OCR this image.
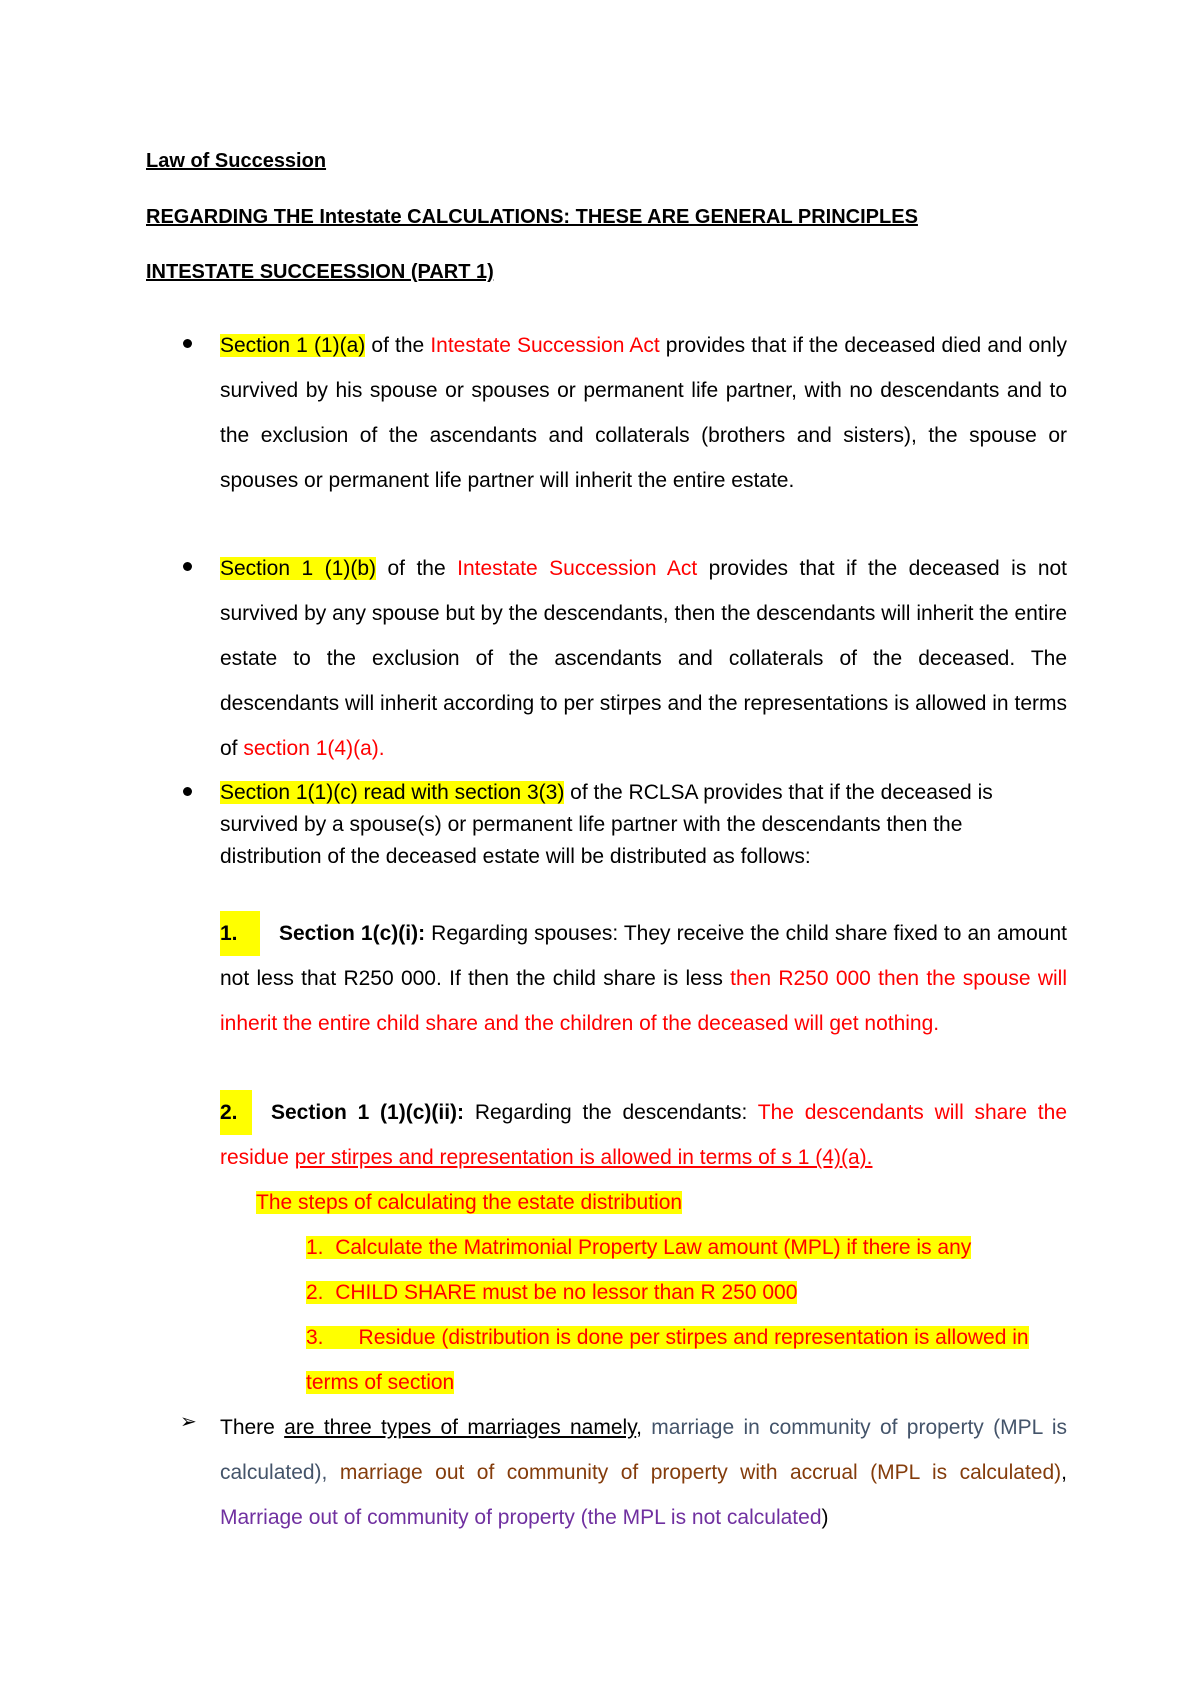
Law of Succession
REGARDING THE Intestate CALCULATIONS: THESE ARE GENERAL PRINCIPLES
INTESTATE SUCCEESSION (PART 1)
Section 1 (1)(a) of the Intestate Succession Act provides that if the deceased died and only survived by his spouse or spouses or permanent life partner, with no descendants and to the exclusion of the ascendants and collaterals (brothers and sisters), the spouse or spouses or permanent life partner will inherit the entire estate.
Section 1 (1)(b) of the Intestate Succession Act provides that if the deceased is not survived by any spouse but by the descendants, then the descendants will inherit the entire estate to the exclusion of the ascendants and collaterals of the deceased. The descendants will inherit according to per stirpes and the representations is allowed in terms of section 1(4)(a).
Section 1(1)(c) read with section 3(3) of the RCLSA provides that if the deceased is survived by a spouse(s) or permanent life partner with the descendants then the distribution of the deceased estate will be distributed as follows:
1. Section 1(c)(i): Regarding spouses: They receive the child share fixed to an amount not less that R250 000. If then the child share is less then R250 000 then the spouse will inherit the entire child share and the children of the deceased will get nothing.
2. Section 1 (1)(c)(ii): Regarding the descendants: The descendants will share the residue per stirpes and representation is allowed in terms of s 1 (4)(a).
The steps of calculating the estate distribution
1. Calculate the Matrimonial Property Law amount (MPL) if there is any
2. CHILD SHARE must be no lessor than R 250 000
3. Residue (distribution is done per stirpes and representation is allowed in terms of section
➢ There are three types of marriages namely, marriage in community of property (MPL is calculated), marriage out of community of property with accrual (MPL is calculated), Marriage out of community of property (the MPL is not calculated)
